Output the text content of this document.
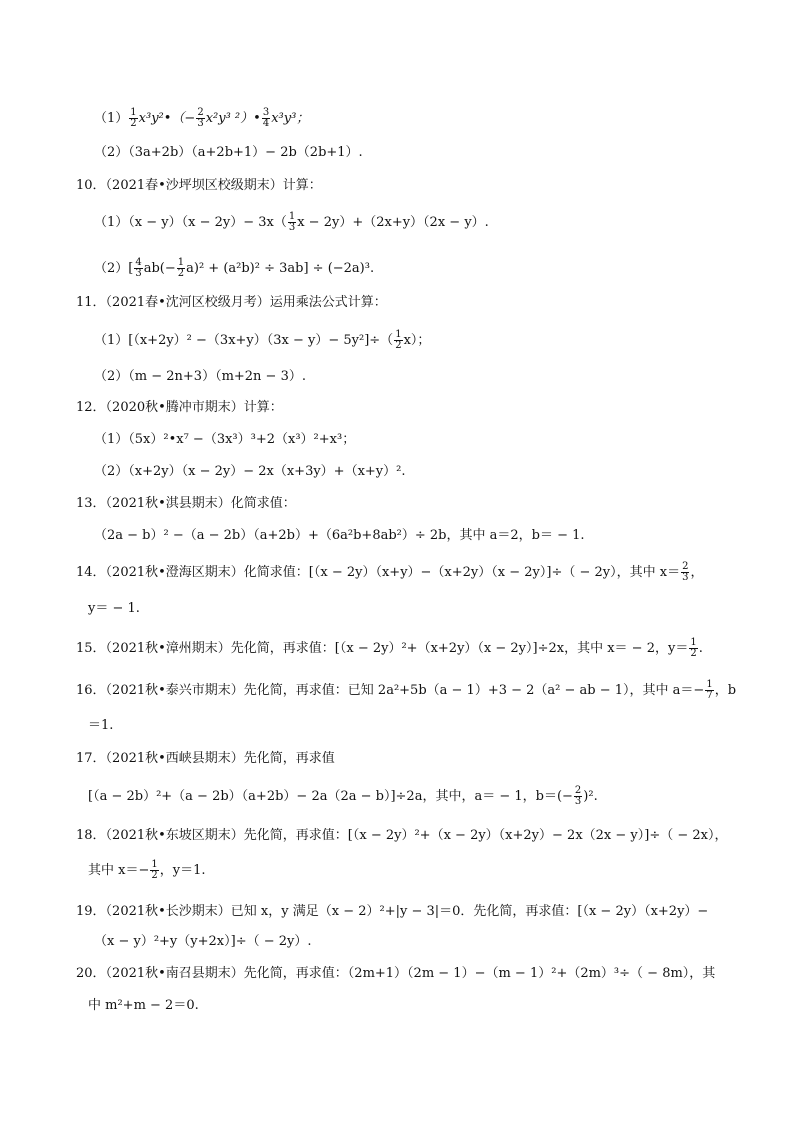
$(1) \frac{1}{2}$ x³y²•（− $\frac{2}{3} x^2y^3$ ²）• $\frac{3}{4} x^3y^3$；
（2）（3a+2b）（a+2b+1）− 2b（2b+1）.
10．（2021春•沙坪坝区校级期末）计算：
$(1)(x - y)(x - 2y)- 3x( \frac{1}{3}$ x − 2y）+（2x+y）（2x − y）.
$(2)[ \frac{4}{3} ab(- \frac{1}{2} a)^2 + (a^2b)^2 \div 3ab] \div (-2a)^3$.
11．（2021春•沈河区校级月考）运用乘法公式计算：
$(1)[(x+2y)^2 -(3x+y)(3x - y)- 5y^2]\div( \frac{1}{2} x)$；
（2）（m − 2n+3）（m+2n − 3）.
12．（2020秋•腾冲市期末）计算：
（1）（5x）²•x⁷ −（3x³）³+2（x³）²+x³；
（2）（x+2y）（x − 2y）− 2x（x+3y）+（x+y）².
13．（2021秋•淇县期末）化简求值：
（2a − b）² −（a − 2b）（a+2b）+（6a²b+8ab²）÷ 2b，其中 a＝2，b＝ − 1.
14．（2021秋•澄海区期末）化简求值：[（x − 2y）（x+y）−（x+2y）（x − 2y）]÷（ − 2y），其中 $x= \frac{2}{3}$ ，
y＝ − 1.
15．（2021秋•漳州期末）先化简，再求值：[（x − 2y）²+（x+2y）（x − 2y）]÷2x，其中 x＝ − 2，$y= \frac{1}{2}$ .
16．（2021秋•泰兴市期末）先化简，再求值：已知 2a²+5b（a − 1）+3 − 2（a² − ab − 1），其中 $a=- \frac{1}{7}$ ，b
＝1.
17．（2021秋•西峡县期末）先化简，再求值
[（a − 2b）²+（a − 2b）（a+2b）− 2a（2a − b）]÷2a，其中，a＝ − 1，$b=(- \frac{2}{3} )^2$.
18．（2021秋•东坡区期末）先化简，再求值：[（x − 2y）²+（x − 2y）（x+2y）− 2x（2x − y）]÷（ − 2x），
其中 $x=- \frac{1}{2}$ ，y＝1.
19．（2021秋•长沙期末）已知 x，y 满足（x − 2）²+|y − 3|＝0．先化简，再求值：[（x − 2y）（x+2y）−
（x − y）²+y（y+2x）]÷（ − 2y）.
20．（2021秋•南召县期末）先化简，再求值：（2m+1）（2m − 1）−（m − 1）²+（2m）³÷（ − 8m），其
中 m²+m − 2＝0.
